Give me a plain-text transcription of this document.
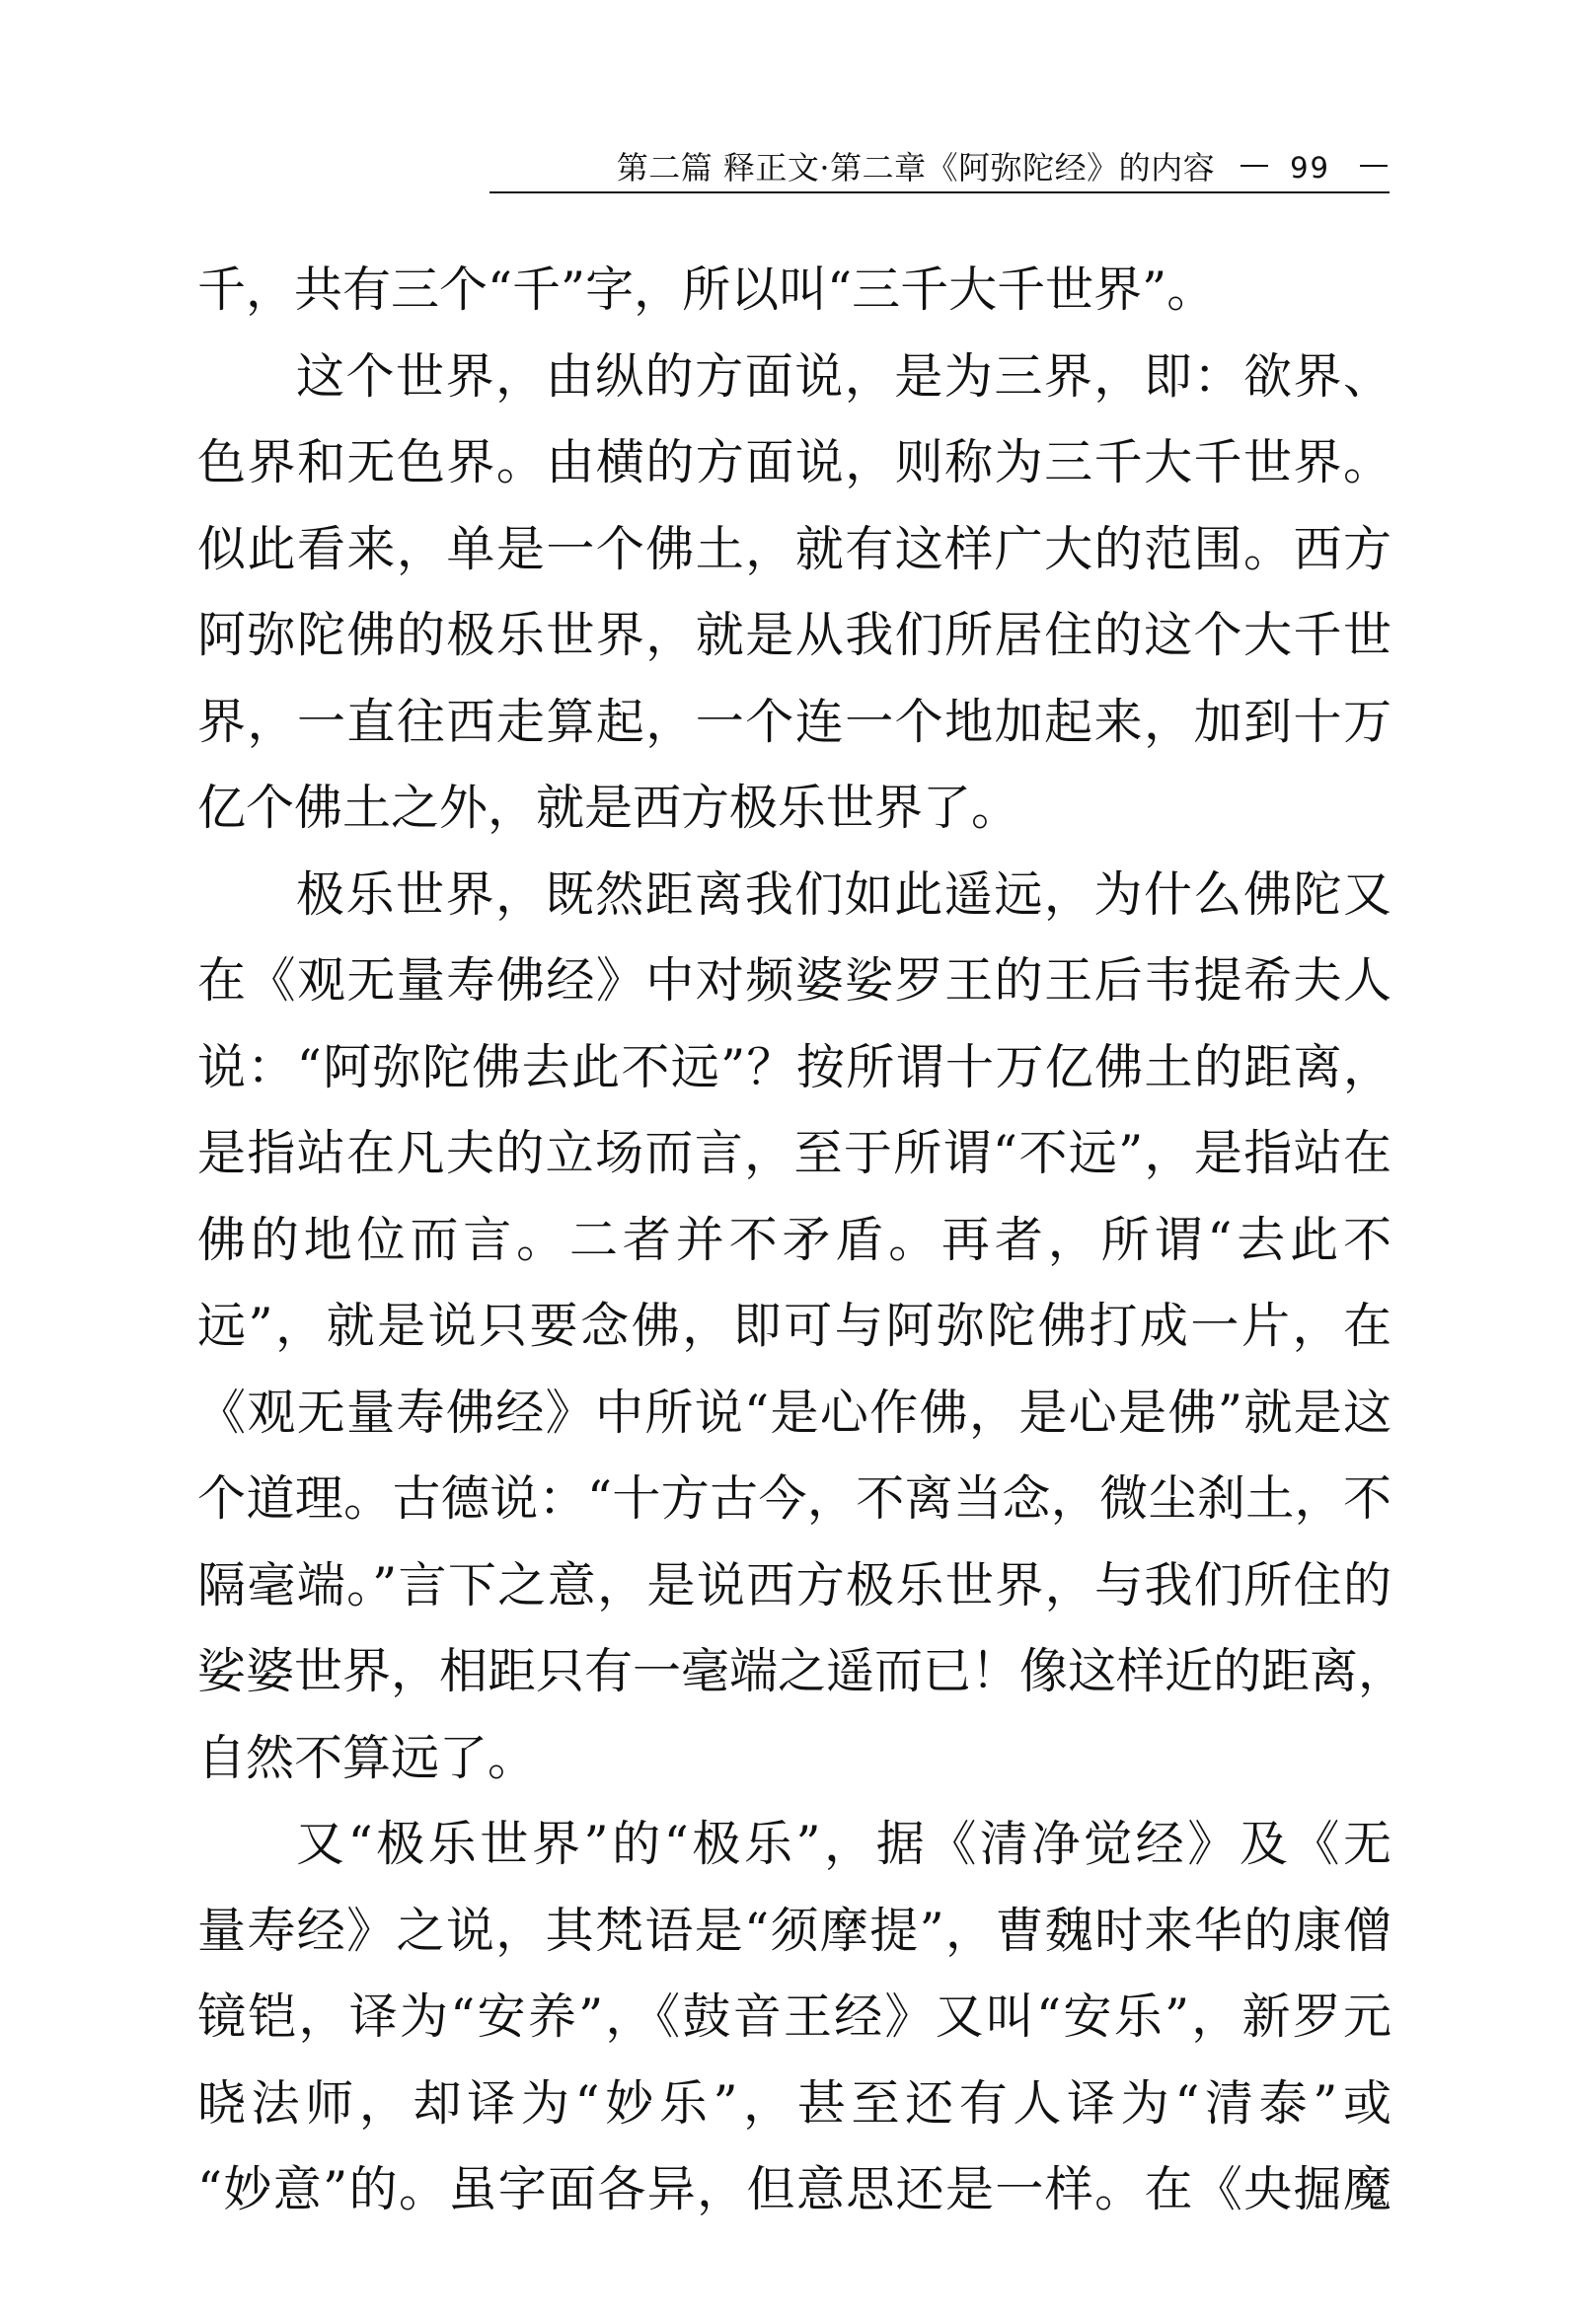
第二篇 释正文·第二章《阿弥陀经》的内容	99
千，共有三个“千”字，所以叫“三千大千世界”。
这个世界，由纵的方面说，是为三界，即：欲界、
色界和无色界。由横的方面说，则称为三千大千世界。
似此看来，单是一个佛土，就有这样广大的范围。西方
阿弥陀佛的极乐世界，就是从我们所居住的这个大千世
界，一直往西走算起，一个连一个地加起来，加到十万
亿个佛土之外，就是西方极乐世界了。
极乐世界，既然距离我们如此遥远，为什么佛陀又
在《观无量寿佛经》中对频婆娑罗王的王后韦提希夫人
说：“阿弥陀佛去此不远”？按所谓十万亿佛土的距离，
是指站在凡夫的立场而言，至于所谓“不远”，是指站在
佛的地位而言。二者并不矛盾。再者，所谓“去此不
远”，就是说只要念佛，即可与阿弥陀佛打成一片，在
《观无量寿佛经》中所说“是心作佛，是心是佛”就是这
个道理。古德说：“十方古今，不离当念，微尘刹土，不
隔毫端。”言下之意，是说西方极乐世界，与我们所住的
娑婆世界，相距只有一毫端之遥而已！像这样近的距离，
自然不算远了。
又“极乐世界”的“极乐”，据《清净觉经》及《无
量寿经》之说，其梵语是“须摩提”，曹魏时来华的康僧
镜铠，译为“安养”，《鼓音王经》又叫“安乐”，新罗元
晓法师，却译为“妙乐”，甚至还有人译为“清泰”或
“妙意”的。虽字面各异，但意思还是一样。在《央掘魔
